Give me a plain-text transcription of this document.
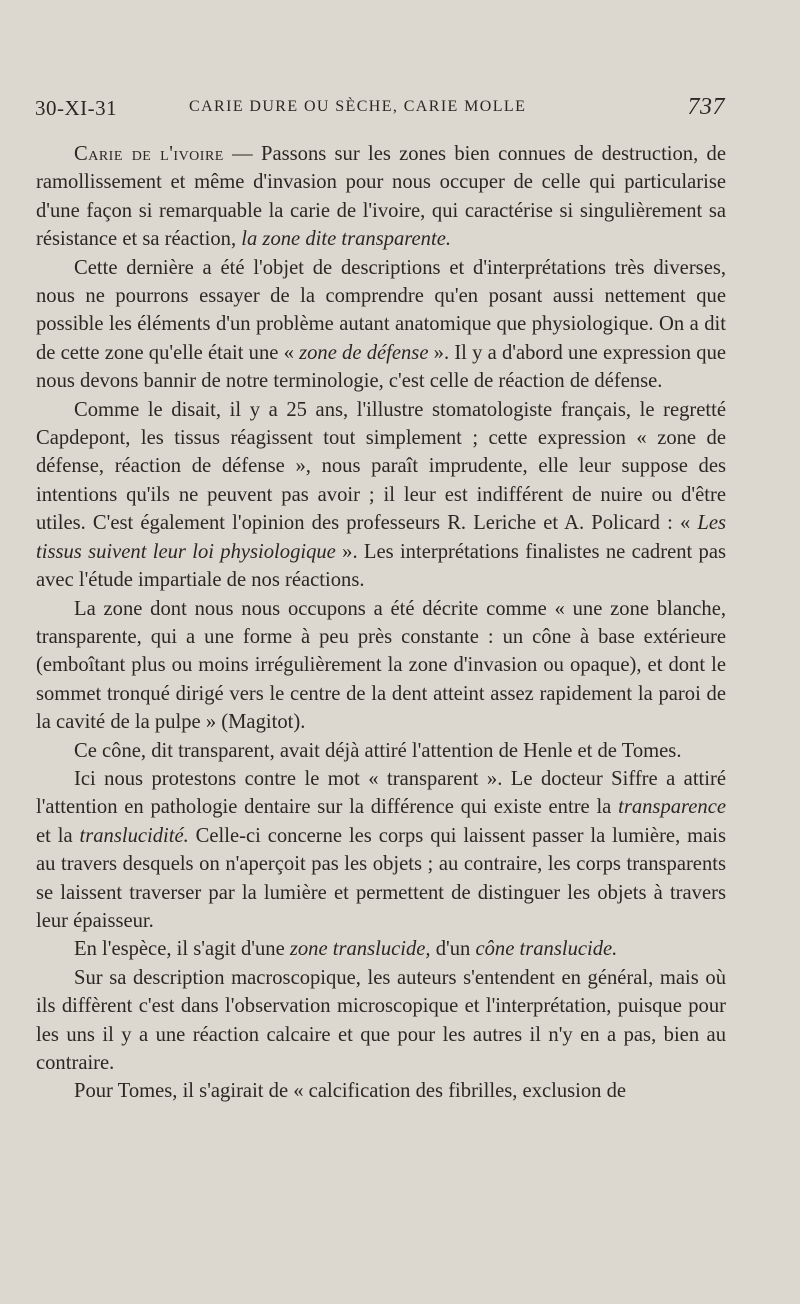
30-XI-31	CARIE DURE OU SÈCHE, CARIE MOLLE	737

Carie de l'ivoire — Passons sur les zones bien connues de destruction, de ramollissement et même d'invasion pour nous occuper de celle qui particularise d'une façon si remarquable la carie de l'ivoire, qui caractérise si singulièrement sa résistance et sa réaction, la zone dite transparente.

Cette dernière a été l'objet de descriptions et d'interprétations très diverses, nous ne pourrons essayer de la comprendre qu'en posant aussi nettement que possible les éléments d'un problème autant anatomique que physiologique. On a dit de cette zone qu'elle était une « zone de défense ». Il y a d'abord une expression que nous devons bannir de notre terminologie, c'est celle de réaction de défense.

Comme le disait, il y a 25 ans, l'illustre stomatologiste français, le regretté Capdepont, les tissus réagissent tout simplement ; cette expression « zone de défense, réaction de défense », nous paraît imprudente, elle leur suppose des intentions qu'ils ne peuvent pas avoir ; il leur est indifférent de nuire ou d'être utiles. C'est également l'opinion des professeurs R. Leriche et A. Policard : « Les tissus suivent leur loi physiologique ». Les interprétations finalistes ne cadrent pas avec l'étude impartiale de nos réactions.

La zone dont nous nous occupons a été décrite comme « une zone blanche, transparente, qui a une forme à peu près constante : un cône à base extérieure (emboîtant plus ou moins irrégulièrement la zone d'invasion ou opaque), et dont le sommet tronqué dirigé vers le centre de la dent atteint assez rapidement la paroi de la cavité de la pulpe » (Magitot).

Ce cône, dit transparent, avait déjà attiré l'attention de Henle et de Tomes.

Ici nous protestons contre le mot « transparent ». Le docteur Siffre a attiré l'attention en pathologie dentaire sur la différence qui existe entre la transparence et la translucidité. Celle-ci concerne les corps qui laissent passer la lumière, mais au travers desquels on n'aperçoit pas les objets ; au contraire, les corps transparents se laissent traverser par la lumière et permettent de distinguer les objets à travers leur épaisseur.

En l'espèce, il s'agit d'une zone translucide, d'un cône translucide.

Sur sa description macroscopique, les auteurs s'entendent en général, mais où ils diffèrent c'est dans l'observation microscopique et l'interprétation, puisque pour les uns il y a une réaction calcaire et que pour les autres il n'y en a pas, bien au contraire.

Pour Tomes, il s'agirait de « calcification des fibrilles, exclusion de
